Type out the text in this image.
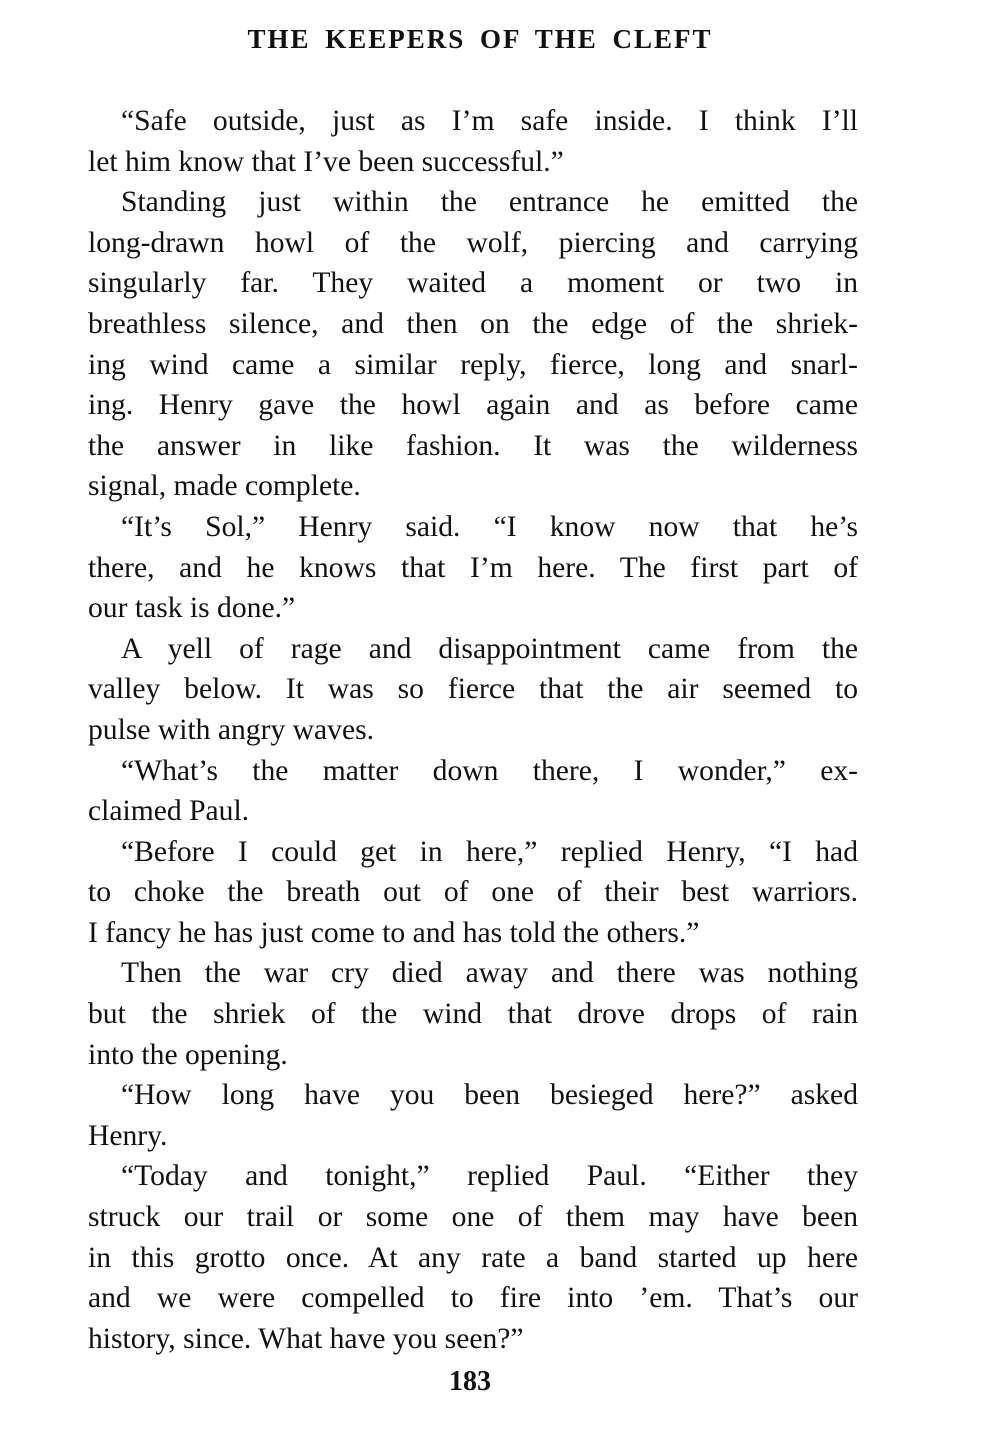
THE KEEPERS OF THE CLEFT
“Safe outside, just as I’m safe inside. I think I’ll
let him know that I’ve been successful.”
Standing just within the entrance he emitted the
long-drawn howl of the wolf, piercing and carrying
singularly far. They waited a moment or two in
breathless silence, and then on the edge of the shriek-
ing wind came a similar reply, fierce, long and snarl-
ing. Henry gave the howl again and as before came
the answer in like fashion. It was the wilderness
signal, made complete.
“It’s Sol,” Henry said. “I know now that he’s
there, and he knows that I’m here. The first part of
our task is done.”
A yell of rage and disappointment came from the
valley below. It was so fierce that the air seemed to
pulse with angry waves.
“What’s the matter down there, I wonder,” ex-
claimed Paul.
“Before I could get in here,” replied Henry, “I had
to choke the breath out of one of their best warriors.
I fancy he has just come to and has told the others.”
Then the war cry died away and there was nothing
but the shriek of the wind that drove drops of rain
into the opening.
“How long have you been besieged here?” asked
Henry.
“Today and tonight,” replied Paul. “Either they
struck our trail or some one of them may have been
in this grotto once. At any rate a band started up here
and we were compelled to fire into ’em. That’s our
history, since. What have you seen?”
183
